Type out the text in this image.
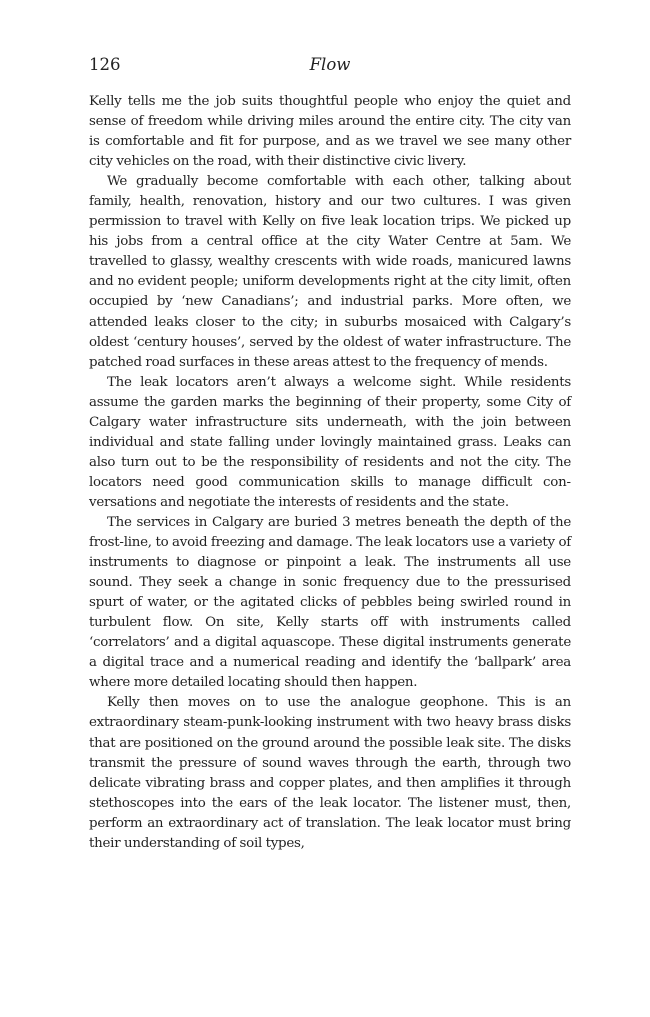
126	Flow

Kelly tells me the job suits thoughtful people who enjoy the quiet and sense of freedom while driving miles around the entire city. The city van is comfortable and fit for purpose, and as we travel we see many other city vehicles on the road, with their distinctive civic livery.

We gradually become comfortable with each other, talking about family, health, renovation, history and our two cultures. I was given permission to travel with Kelly on five leak location trips. We picked up his jobs from a central office at the city Water Centre at 5am. We travelled to glassy, wealthy crescents with wide roads, manicured lawns and no evident people; uniform developments right at the city limit, often occupied by ‘new Canadians’; and industrial parks. More often, we attended leaks closer to the city; in suburbs mosaiced with Calgary’s oldest ‘century houses’, served by the oldest of water infrastructure. The patched road surfaces in these areas attest to the frequency of mends.

The leak locators aren’t always a welcome sight. While residents assume the garden marks the beginning of their property, some City of Calgary water infrastructure sits underneath, with the join between individual and state falling under lovingly maintained grass. Leaks can also turn out to be the responsibility of residents and not the city. The locators need good communication skills to manage difficult conversations and negotiate the interests of residents and the state.

The services in Calgary are buried 3 metres beneath the depth of the frost-line, to avoid freezing and damage. The leak locators use a variety of instruments to diagnose or pinpoint a leak. The instruments all use sound. They seek a change in sonic frequency due to the pressurised spurt of water, or the agitated clicks of pebbles being swirled round in turbulent flow. On site, Kelly starts off with instruments called ‘correlators’ and a digital aquascope. These digital instruments generate a digital trace and a numerical reading and identify the ‘ballpark’ area where more detailed locating should then happen.

Kelly then moves on to use the analogue geophone. This is an extraordinary steam-punk-looking instrument with two heavy brass disks that are positioned on the ground around the possible leak site. The disks transmit the pressure of sound waves through the earth, through two delicate vibrating brass and copper plates, and then amplifies it through stethoscopes into the ears of the leak locator. The listener must, then, perform an extraordinary act of translation. The leak locator must bring their understanding of soil types,
